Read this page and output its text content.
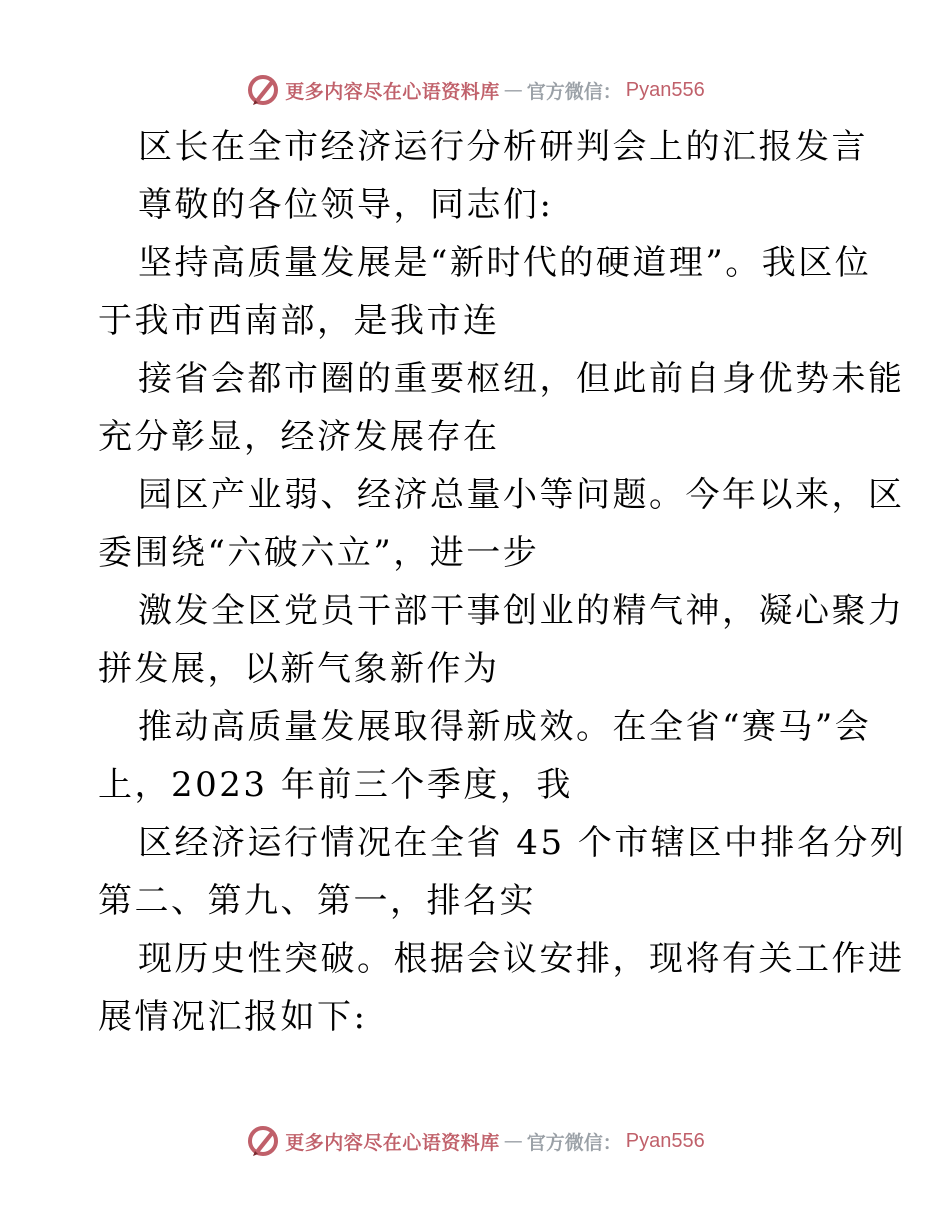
更多内容尽在心语资料库 — 官方微信： Pyan556
区长在全市经济运行分析研判会上的汇报发言
尊敬的各位领导，同志们:
坚持高质量发展是“新时代的硬道理”。我区位
于我市西南部，是我市连
接省会都市圈的重要枢纽，但此前自身优势未能
充分彰显，经济发展存在
园区产业弱、经济总量小等问题。今年以来，区
委围绕“六破六立”，进一步
激发全区党员干部干事创业的精气神，凝心聚力
拼发展，以新气象新作为
推动高质量发展取得新成效。在全省“赛马”会
上，2023 年前三个季度，我
区经济运行情况在全省 45 个市辖区中排名分列
第二、第九、第一，排名实
现历史性突破。根据会议安排，现将有关工作进
展情况汇报如下:
更多内容尽在心语资料库 — 官方微信： Pyan556
